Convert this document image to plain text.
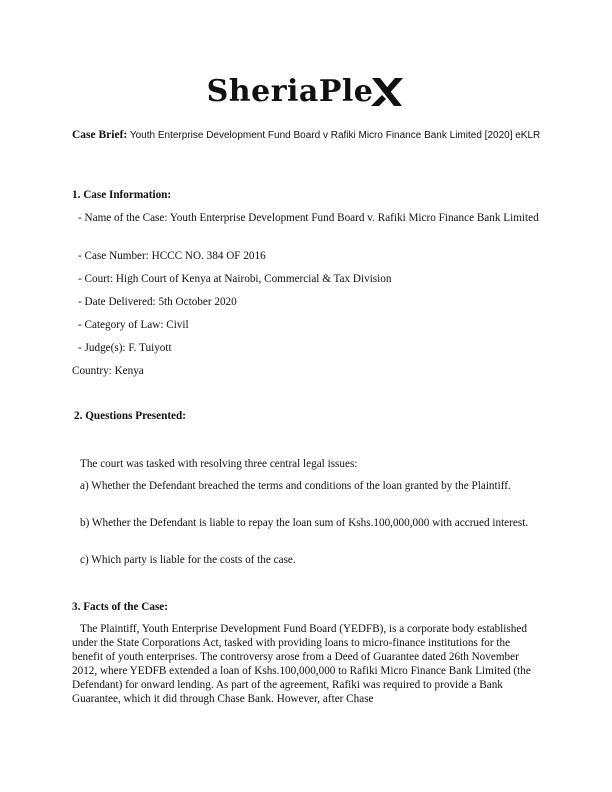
SheriaPle
Case Brief: Youth Enterprise Development Fund Board v Rafiki Micro Finance Bank Limited [2020] eKLR

1. Case Information:

- Name of the Case: Youth Enterprise Development Fund Board v. Rafiki Micro Finance Bank Limited

- Case Number: HCCC NO. 384 OF 2016

- Court: High Court of Kenya at Nairobi, Commercial & Tax Division

- Date Delivered: 5th October 2020

- Category of Law: Civil

- Judge(s): F. Tuiyott

Country: Kenya

2. Questions Presented:

The court was tasked with resolving three central legal issues:

a) Whether the Defendant breached the terms and conditions of the loan granted by the Plaintiff.

b) Whether the Defendant is liable to repay the loan sum of Kshs.100,000,000 with accrued interest.

c) Which party is liable for the costs of the case.

3. Facts of the Case:

The Plaintiff, Youth Enterprise Development Fund Board (YEDFB), is a corporate body established under the State Corporations Act, tasked with providing loans to micro-finance institutions for the benefit of youth enterprises. The controversy arose from a Deed of Guarantee dated 26th November 2012, where YEDFB extended a loan of Kshs.100,000,000 to Rafiki Micro Finance Bank Limited (the Defendant) for onward lending. As part of the agreement, Rafiki was required to provide a Bank Guarantee, which it did through Chase Bank. However, after Chase
